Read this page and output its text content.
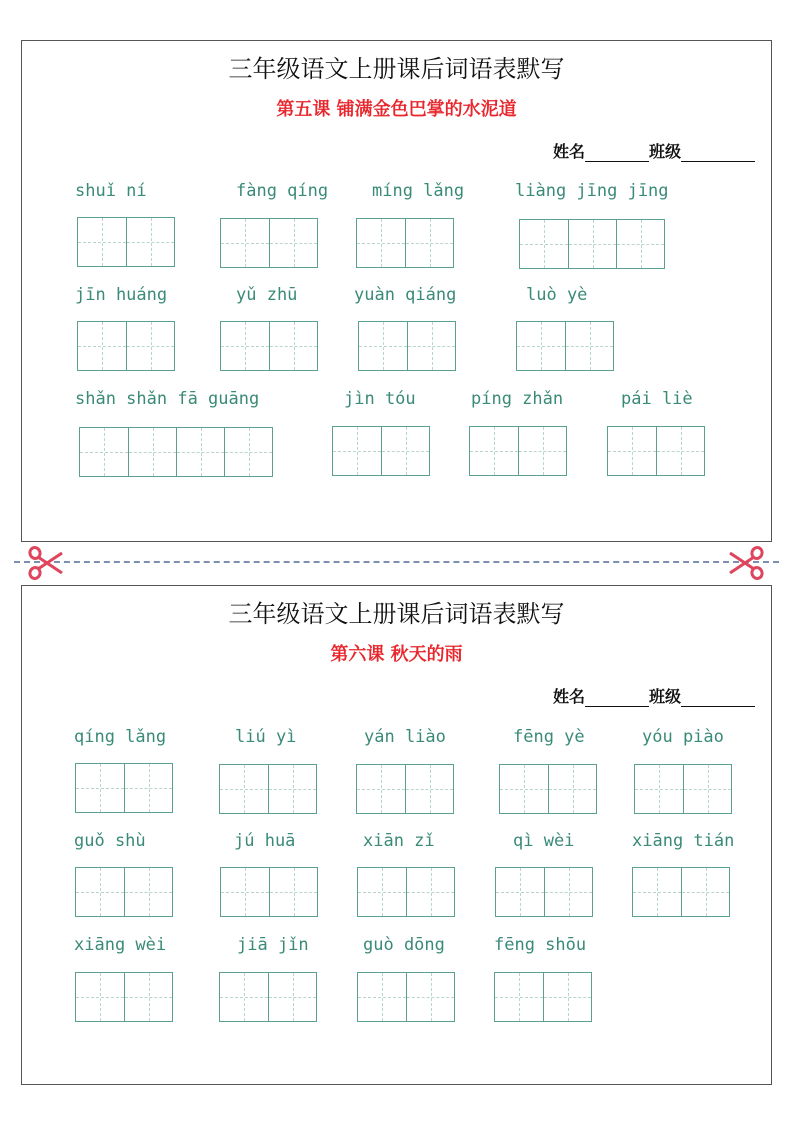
三年级语文上册课后词语表默写
第五课 铺满金色巴掌的水泥道
姓名	班级
shuǐ ní	fàng qíng	míng lǎng	liàng jīng jīng
jīn huáng	yǔ zhū	yuàn qiáng	luò yè
shǎn shǎn fā guāng	jìn tóu	píng zhǎn	pái liè
三年级语文上册课后词语表默写
第六课 秋天的雨
姓名	班级
qíng lǎng	liú yì	yán liào	fēng yè	yóu piào
guǒ shù	jú huā	xiān zǐ	qì wèi	xiāng tián
xiāng wèi	jiā jǐn	guò dōng	fēng shōu
